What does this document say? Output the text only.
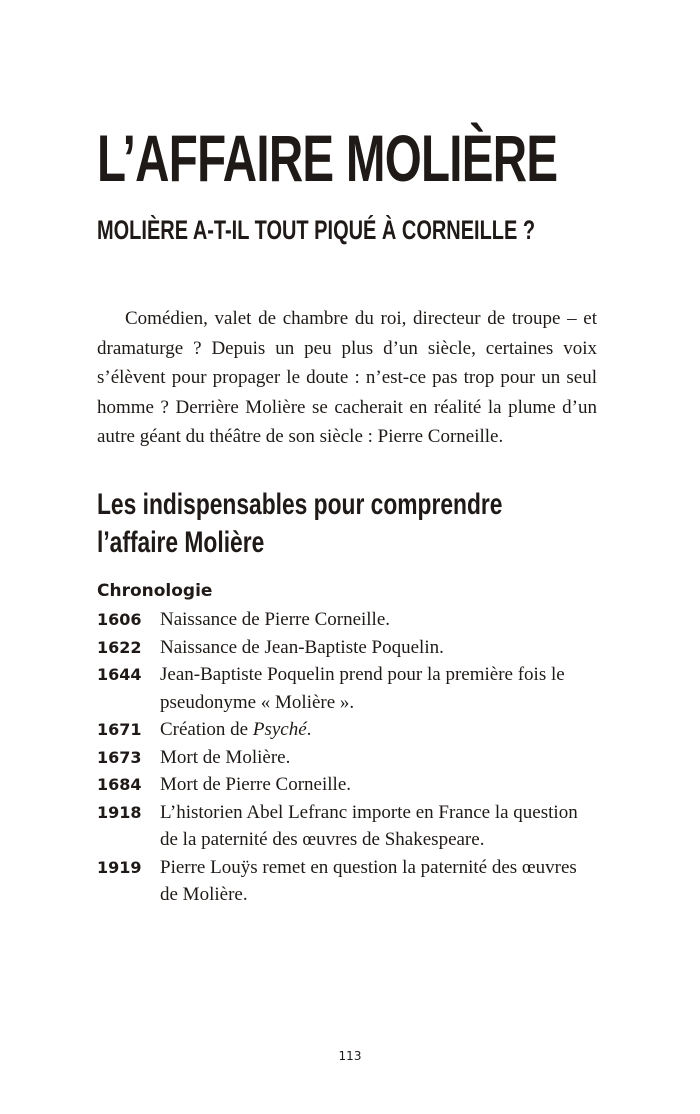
L’AFFAIRE MOLIÈRE
MOLIÈRE A-T-IL TOUT PIQUÉ À CORNEILLE ?

Comédien, valet de chambre du roi, directeur de troupe – et dramaturge ? Depuis un peu plus d’un siècle, certaines voix s’élèvent pour propager le doute : n’est-ce pas trop pour un seul homme ? Derrière Molière se cacherait en réalité la plume d’un autre géant du théâtre de son siècle : Pierre Corneille.

Les indispensables pour comprendre
l’affaire Molière
Chronologie
1606 Naissance de Pierre Corneille.
1622 Naissance de Jean-Baptiste Poquelin.
1644 Jean-Baptiste Poquelin prend pour la première fois le pseudonyme « Molière ».
1671 Création de Psyché.
1673 Mort de Molière.
1684 Mort de Pierre Corneille.
1918 L’historien Abel Lefranc importe en France la question de la paternité des œuvres de Shakespeare.
1919 Pierre Louÿs remet en question la paternité des œuvres de Molière.
113
